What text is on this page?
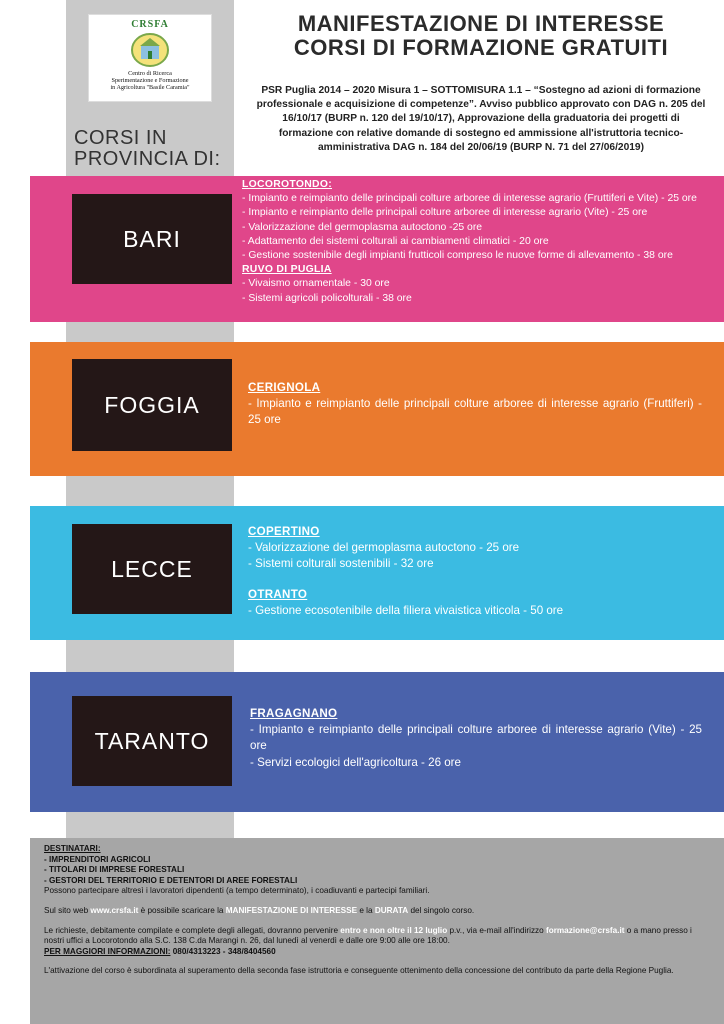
CRSFA
Centro di Ricerca
Sperimentazione e Formazione
in Agricoltura "Basile Caramia"
MANIFESTAZIONE DI INTERESSE
CORSI DI FORMAZIONE GRATUITI
PSR Puglia 2014 – 2020 Misura 1 – SOTTOMISURA 1.1 – “Sostegno ad azioni di formazione professionale e acquisizione di competenze”. Avviso pubblico approvato con DAG n. 205 del 16/10/17 (BURP n. 120 del 19/10/17), Approvazione della graduatoria dei progetti di formazione con relative domande di sostegno ed ammissione all'istruttoria tecnico-amministrativa DAG n. 184 del 20/06/19 (BURP N. 71 del 27/06/2019)
CORSI IN
PROVINCIA DI:
BARI
LOCOROTONDO:
- Impianto e reimpianto delle principali colture arboree di interesse agrario (Fruttiferi e Vite) - 25 ore
- Impianto e reimpianto delle principali colture arboree di interesse agrario (Vite) - 25 ore
- Valorizzazione del germoplasma autoctono -25 ore
- Adattamento dei sistemi colturali ai cambiamenti climatici - 20 ore
- Gestione sostenibile degli impianti frutticoli compreso le nuove forme di allevamento - 38 ore
RUVO DI PUGLIA
- Vivaismo ornamentale - 30 ore
- Sistemi agricoli policolturali - 38 ore
FOGGIA
CERIGNOLA
- Impianto e reimpianto delle principali colture arboree di interesse agrario (Fruttiferi) - 25 ore
LECCE
COPERTINO
- Valorizzazione del germoplasma autoctono - 25 ore
- Sistemi colturali sostenibili - 32 ore
OTRANTO
- Gestione ecosotenibile della filiera vivaistica viticola - 50 ore
TARANTO
FRAGAGNANO
- Impianto e reimpianto delle principali colture arboree di interesse agrario (Vite) - 25 ore
- Servizi ecologici dell'agricoltura - 26 ore

DESTINATARI:

- IMPRENDITORI AGRICOLI

- TITOLARI DI IMPRESE FORESTALI

- GESTORI DEL TERRITORIO E DETENTORI DI AREE FORESTALI

Possono partecipare altresì i lavoratori dipendenti (a tempo determinato), i coadiuvanti e partecipi familiari.

Sul sito web www.crsfa.it è possibile scaricare la MANIFESTAZIONE DI INTERESSE e la DURATA del singolo corso.

Le richieste, debitamente compilate e complete degli allegati, dovranno pervenire entro e non oltre il 12 luglio p.v., via e-mail all'indirizzo formazione@crsfa.it o a mano presso i nostri uffici a Locorotondo alla S.C. 138 C.da Marangi n. 26, dal lunedì al venerdì e dalle ore 9:00 alle ore 18:00.

PER MAGGIORI INFORMAZIONI: 080/4313223 - 348/8404560

L'attivazione del corso è subordinata al superamento della seconda fase istruttoria e conseguente ottenimento della concessione del contributo da parte della Regione Puglia.
